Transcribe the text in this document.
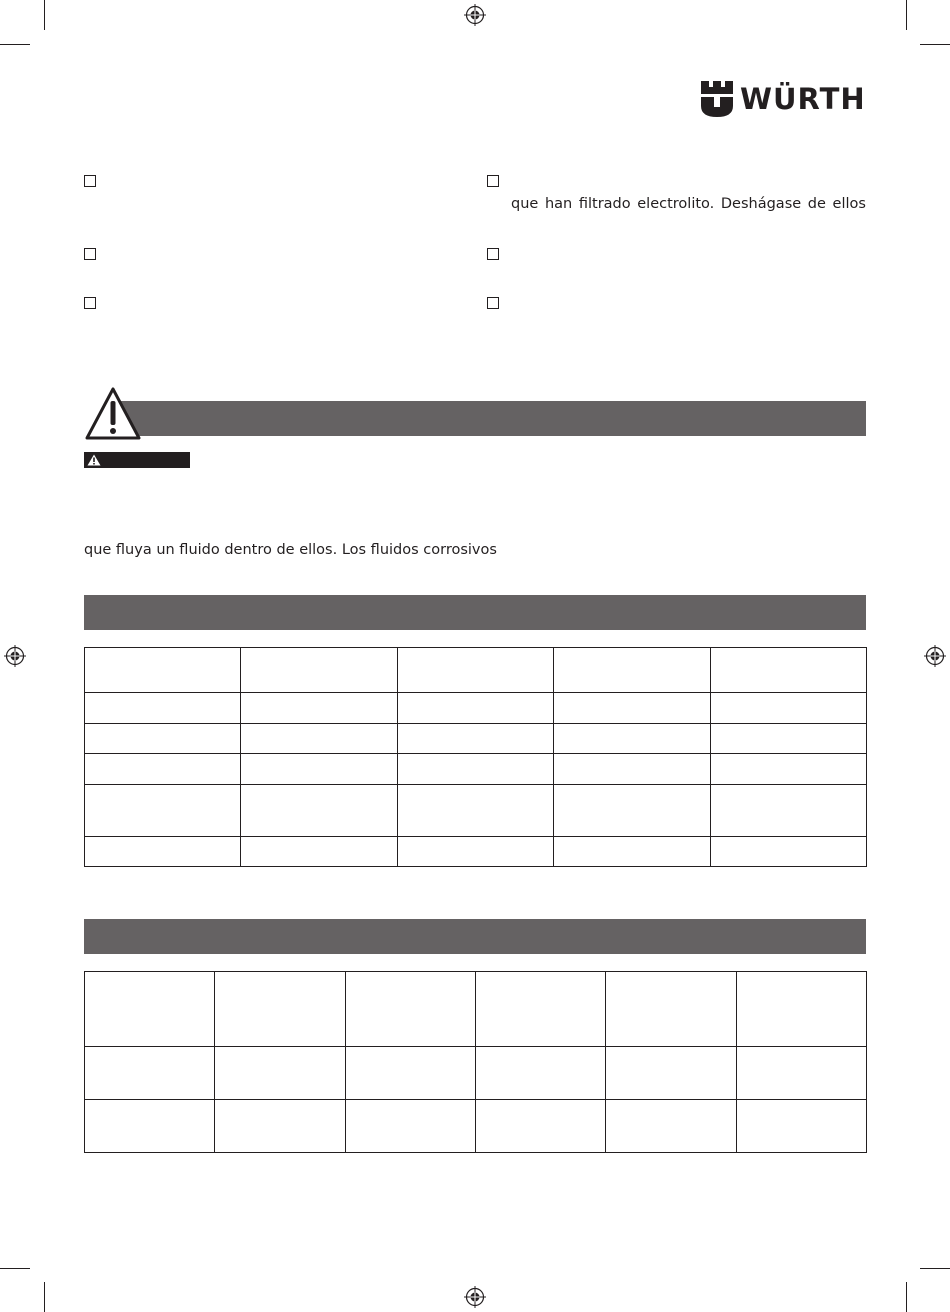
WÜRTH
que han filtrado electrolito. Deshágase de ellos
que fluya un fluido dentro de ellos. Los fluidos corrosivos
